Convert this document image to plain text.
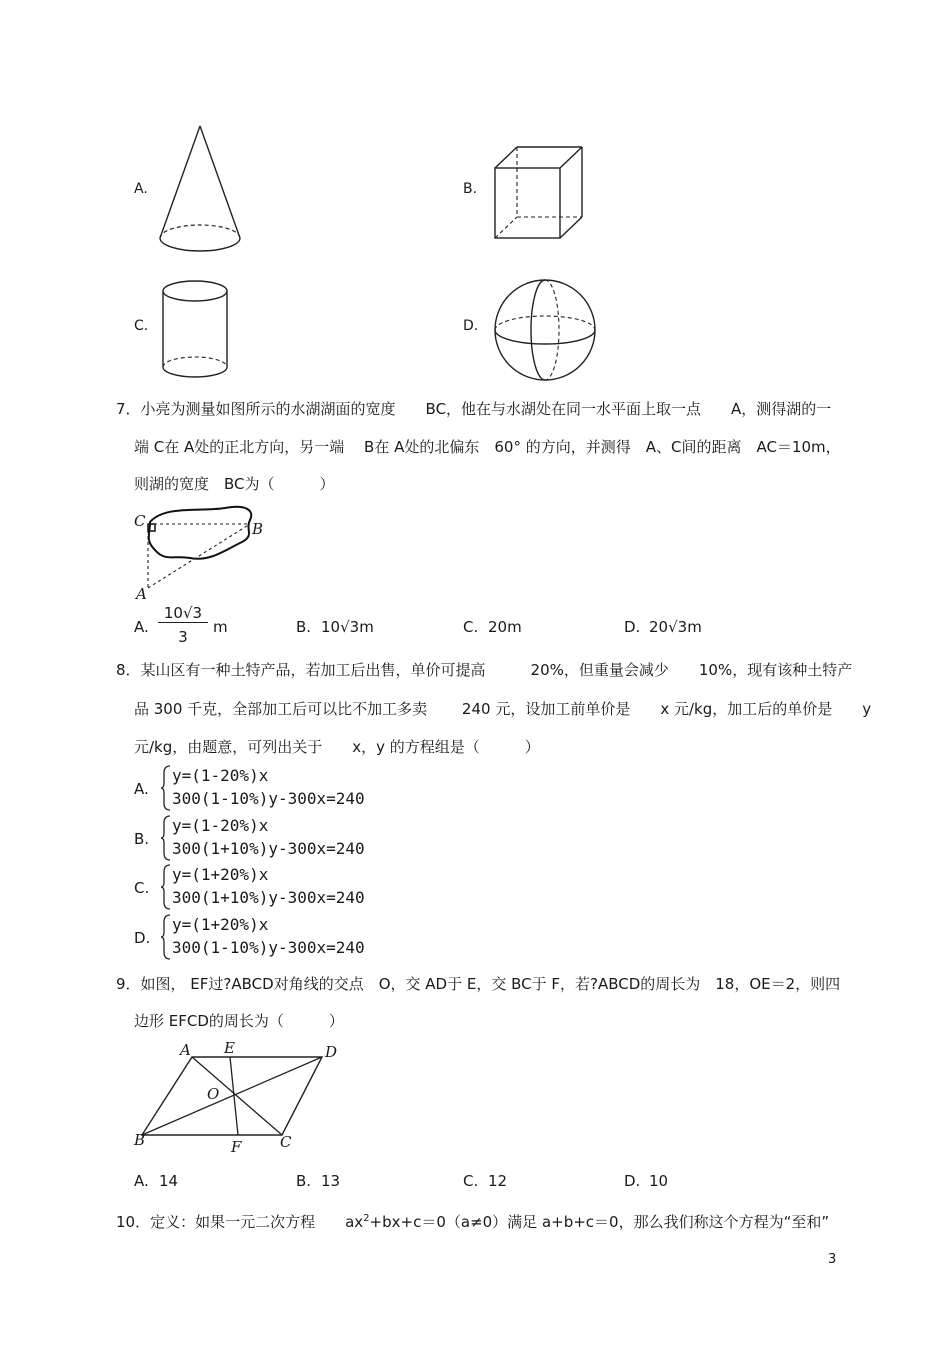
A.	B.
C.	D.
7．小亮为测量如图所示的水湖湖面的宽度　　BC，他在与水湖处在同一水平面上取一点　　A，测得湖的一
端 C在 A处的正北方向，另一端　 B在 A处的北偏东　60° 的方向，并测得　A、C间的距离　AC＝10m，
则湖的宽度　BC为（　　　）
C	B
A
A.
$\frac{10√3}{3}$
m	B. 10√3m	C. 20m	D. 20√3m
8．某山区有一种土特产品，若加工后出售，单价可提高　　　20%，但重量会减少　　10%，现有该种土特产
品 300 千克，全部加工后可以比不加工多卖　　 240 元，设加工前单价是　　x 元/kg，加工后的单价是　　y
元/kg，由题意，可列出关于　　x，y 的方程组是（　　　）
A.
y=(1-20%)x
300(1-10%)y-300x=240
B.
y=(1-20%)x
300(1+10%)y-300x=240
C.
y=(1+20%)x
300(1+10%)y-300x=240
D.
y=(1+20%)x
300(1-10%)y-300x=240
9．如图， EF过?ABCD对角线的交点　O，交 AD于 E，交 BC于 F，若?ABCD的周长为　18，OE＝2，则四
边形 EFCD的周长为（　　　）
A E	D
O
B	F	C
A. 14	B. 13	C. 12	D. 10
10．定义：如果一元二次方程　　$ax^2+bx+c=0(a\ne 0)$满足 a+b+c＝0，那么我们称这个方程为“至和”
3
